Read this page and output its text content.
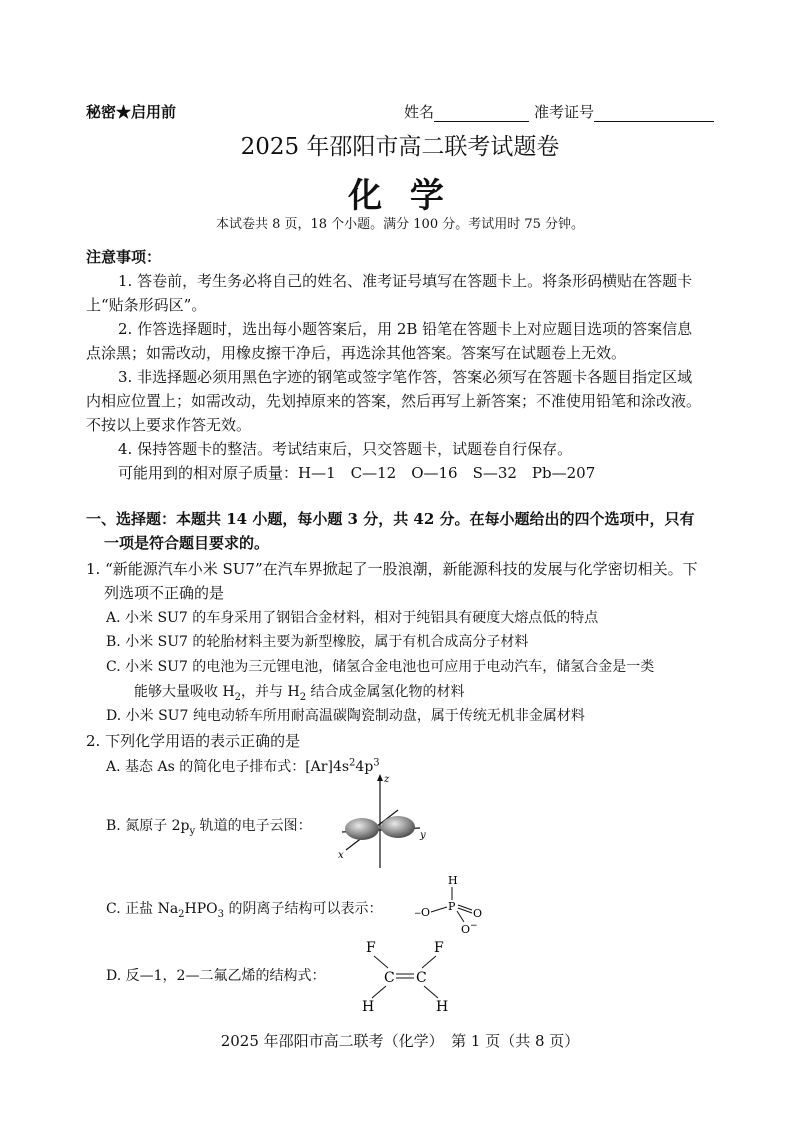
秘密★启用前	姓名	准考证号
2025 年邵阳市高二联考试题卷
化 学
本试卷共 8 页，18 个小题。满分 100 分。考试用时 75 分钟。
注意事项：
1. 答卷前，考生务必将自己的姓名、准考证号填写在答题卡上。将条形码横贴在答题卡
上“贴条形码区”。
2. 作答选择题时，选出每小题答案后，用 2B 铅笔在答题卡上对应题目选项的答案信息
点涂黑；如需改动，用橡皮擦干净后，再选涂其他答案。答案写在试题卷上无效。
3. 非选择题必须用黑色字迹的钢笔或签字笔作答，答案必须写在答题卡各题目指定区域
内相应位置上；如需改动，先划掉原来的答案，然后再写上新答案；不准使用铅笔和涂改液。
不按以上要求作答无效。
4. 保持答题卡的整洁。考试结束后，只交答题卡，试题卷自行保存。
可能用到的相对原子质量：H—1　C—12　O—16　S—32　Pb—207
一、选择题：本题共 14 小题，每小题 3 分，共 42 分。在每小题给出的四个选项中，只有
一项是符合题目要求的。
1. “新能源汽车小米 SU7”在汽车界掀起了一股浪潮，新能源科技的发展与化学密切相关。下
列选项不正确的是
A. 小米 SU7 的车身采用了钢铝合金材料，相对于纯铝具有硬度大熔点低的特点
B. 小米 SU7 的轮胎材料主要为新型橡胶，属于有机合成高分子材料
C. 小米 SU7 的电池为三元锂电池，储氢合金电池也可应用于电动汽车，储氢合金是一类
能够大量吸收 $H_2$，并与 $H_2$ 结合成金属氢化物的材料
D. 小米 SU7 纯电动轿车所用耐高温碳陶瓷制动盘，属于传统无机非金属材料
2. 下列化学用语的表示正确的是
A. 基态 As 的简化电子排布式：$[Ar]4s^24p^3$
B. 氮原子 $2p_y$ 轨道的电子云图：
z
y
x
C. 正盐 $Na_2HPO_3$ 的阴离子结构可以表示：
H
P
− O	O
O −
D. 反—1，2—二氟乙烯的结构式：
F	F
C C
H	H
2025 年邵阳市高二联考（化学）　第 1 页（共 8 页）
